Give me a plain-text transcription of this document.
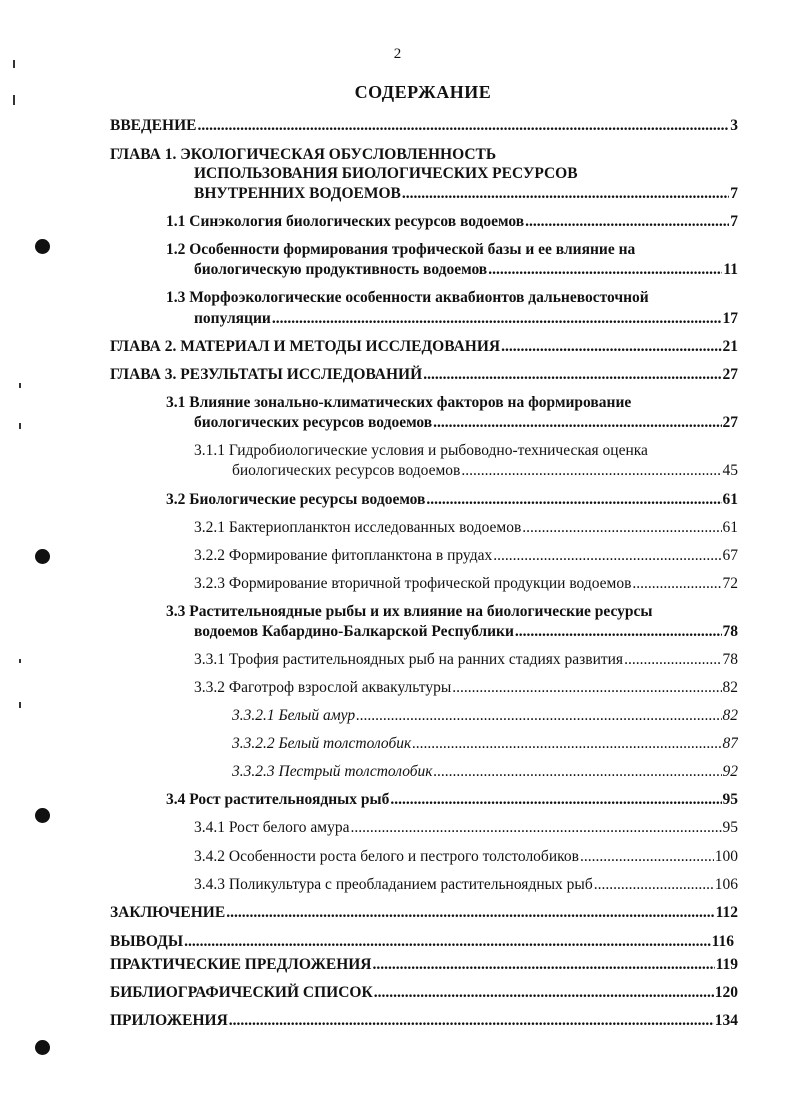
2
СОДЕРЖАНИЕ
ВВЕДЕНИЕ .....	3
ГЛАВА 1. ЭКОЛОГИЧЕСКАЯ ОБУСЛОВЛЕННОСТЬ
ИСПОЛЬЗОВАНИЯ БИОЛОГИЧЕСКИХ РЕСУРСОВ
ВНУТРЕННИХ ВОДОЕМОВ .....	7
1.1 Синэкология биологических ресурсов водоемов .....	7
1.2 Особенности формирования трофической базы и ее влияние на
биологическую продуктивность водоемов .....	11
1.3 Морфоэкологические особенности аквабионтов дальневосточной
популяции .....	17
ГЛАВА 2. МАТЕРИАЛ И МЕТОДЫ ИССЛЕДОВАНИЯ .....	21
ГЛАВА 3. РЕЗУЛЬТАТЫ ИССЛЕДОВАНИЙ .....	27
3.1 Влияние зонально-климатических факторов на формирование
биологических ресурсов водоемов .....	27
3.1.1 Гидробиологические условия и рыбоводно-техническая оценка
биологических ресурсов водоемов .....	45
3.2 Биологические ресурсы водоемов .....	61
3.2.1 Бактериопланктон исследованных водоемов .....	61
3.2.2 Формирование фитопланктона в прудах .....	67
3.2.3 Формирование вторичной трофической продукции водоемов .....	72
3.3 Растительноядные рыбы и их влияние на биологические ресурсы
водоемов Кабардино-Балкарской Республики .....	78
3.3.1 Трофия растительноядных рыб на ранних стадиях развития .....	78
3.3.2 Фаготроф взрослой аквакультуры .....	82
3.3.2.1 Белый амур .....	82
3.3.2.2 Белый толстолобик .....	87
3.3.2.3 Пестрый толстолобик .....	92
3.4 Рост растительноядных рыб .....	95
3.4.1 Рост белого амура .....	95
3.4.2 Особенности роста белого и пестрого толстолобиков .....	100
3.4.3 Поликультура с преобладанием растительноядных рыб .....	106
ЗАКЛЮЧЕНИЕ .....	112
ВЫВОДЫ .....	116
ПРАКТИЧЕСКИЕ ПРЕДЛОЖЕНИЯ .....	119
БИБЛИОГРАФИЧЕСКИЙ СПИСОК .....	120
ПРИЛОЖЕНИЯ .....	134
